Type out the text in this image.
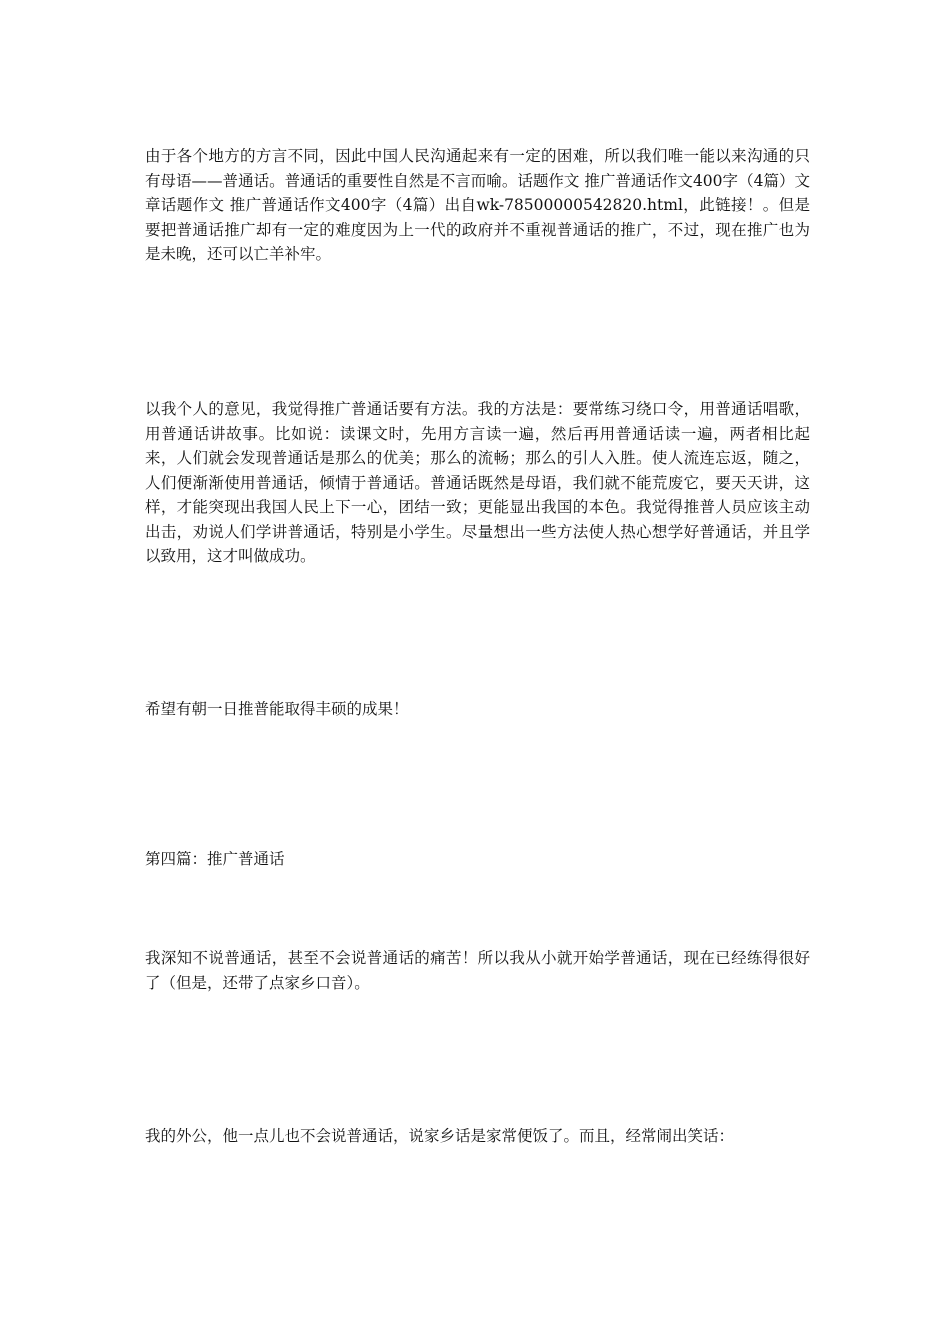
由于各个地方的方言不同，因此中国人民沟通起来有一定的困难，所以我们唯一能以来沟通的只有母语——普通话。普通话的重要性自然是不言而喻。话题作文 推广普通话作文400字（4篇）文章话题作文 推广普通话作文400字（4篇）出自wk-78500000542820.html，此链接！。但是要把普通话推广却有一定的难度因为上一代的政府并不重视普通话的推广，不过，现在推广也为是未晚，还可以亡羊补牢。

以我个人的意见，我觉得推广普通话要有方法。我的方法是：要常练习绕口令，用普通话唱歌，用普通话讲故事。比如说：读课文时，先用方言读一遍，然后再用普通话读一遍，两者相比起来，人们就会发现普通话是那么的优美；那么的流畅；那么的引人入胜。使人流连忘返，随之，人们便渐渐使用普通话，倾情于普通话。普通话既然是母语，我们就不能荒废它，要天天讲，这样，才能突现出我国人民上下一心，团结一致；更能显出我国的本色。我觉得推普人员应该主动出击，劝说人们学讲普通话，特别是小学生。尽量想出一些方法使人热心想学好普通话，并且学以致用，这才叫做成功。

希望有朝一日推普能取得丰硕的成果！

第四篇：推广普通话

我深知不说普通话，甚至不会说普通话的痛苦！所以我从小就开始学普通话，现在已经练得很好了（但是，还带了点家乡口音）。

我的外公，他一点儿也不会说普通话，说家乡话是家常便饭了。而且，经常闹出笑话：
